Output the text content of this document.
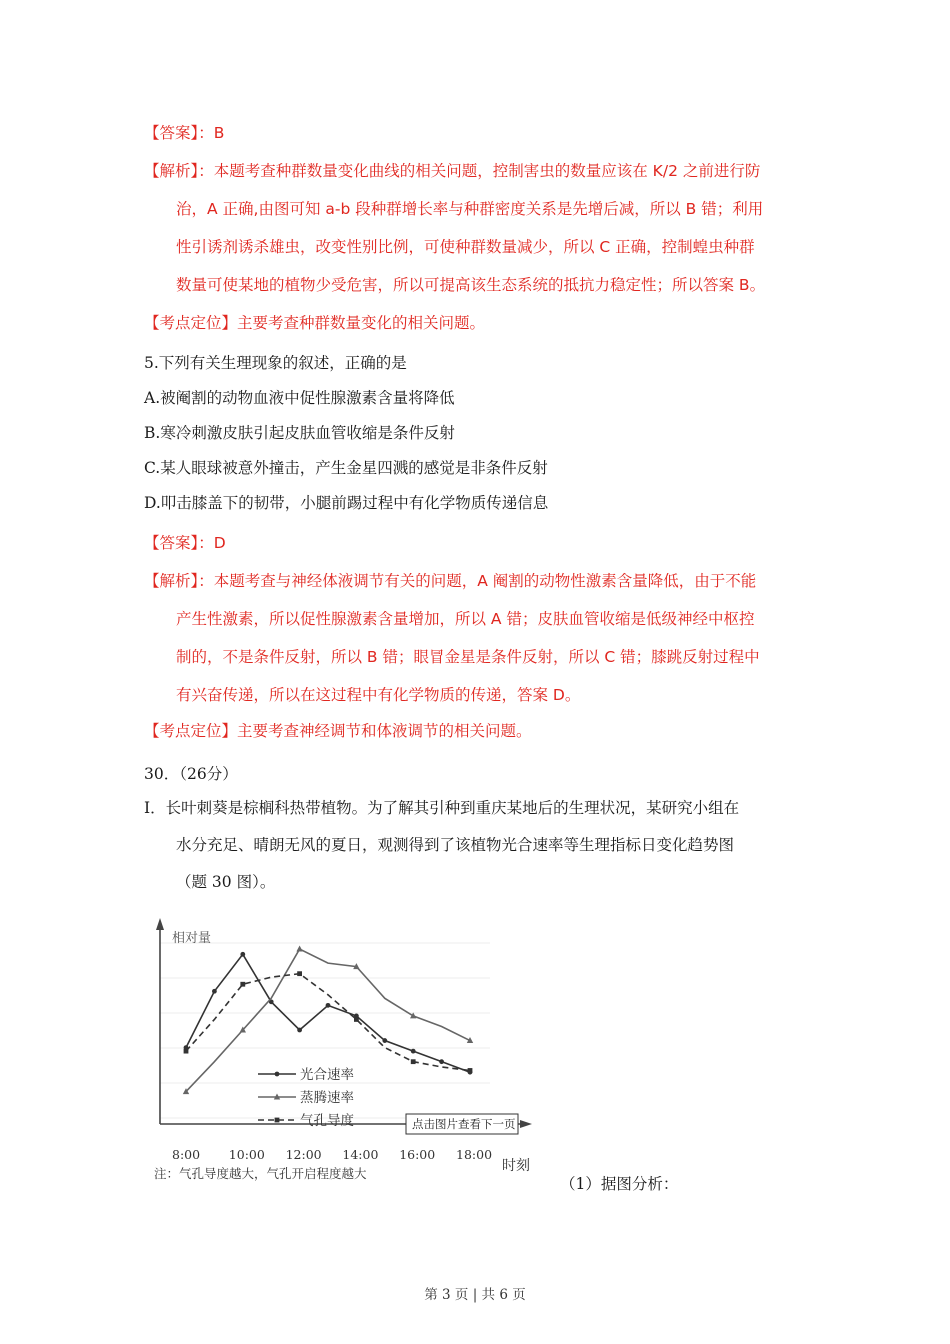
【答案】：B
【解析】：本题考查种群数量变化曲线的相关问题，控制害虫的数量应该在 K/2 之前进行防
治，A 正确,由图可知 a-b 段种群增长率与种群密度关系是先增后减，所以 B 错；利用
性引诱剂诱杀雄虫，改变性别比例，可使种群数量减少，所以 C 正确，控制蝗虫种群
数量可使某地的植物少受危害，所以可提高该生态系统的抵抗力稳定性；所以答案 B。
【考点定位】主要考查种群数量变化的相关问题。
5.下列有关生理现象的叙述，正确的是
A.被阉割的动物血液中促性腺激素含量将降低
B.寒冷刺激皮肤引起皮肤血管收缩是条件反射
C.某人眼球被意外撞击，产生金星四溅的感觉是非条件反射
D.叩击膝盖下的韧带，小腿前踢过程中有化学物质传递信息
【答案】：D
【解析】：本题考查与神经体液调节有关的问题，A 阉割的动物性激素含量降低，由于不能
产生性激素，所以促性腺激素含量增加，所以 A 错；皮肤血管收缩是低级神经中枢控
制的，不是条件反射，所以 B 错；眼冒金星是条件反射，所以 C 错；膝跳反射过程中
有兴奋传递，所以在这过程中有化学物质的传递，答案 D。
【考点定位】主要考查神经调节和体液调节的相关问题。
30．（26分）
Ⅰ．长叶刺葵是棕榈科热带植物。为了解其引种到重庆某地后的生理状况，某研究小组在
水分充足、晴朗无风的夏日，观测得到了该植物光合速率等生理指标日变化趋势图
（题 30 图）。
相对量
时刻
8:00 10:00 12:00 14:00 16:00 18:00
光合速率
蒸腾速率
气孔导度	点击图片查看下一页
注：气孔导度越大，气孔开启程度越大
（1）据图分析：
第 3 页 | 共 6 页
